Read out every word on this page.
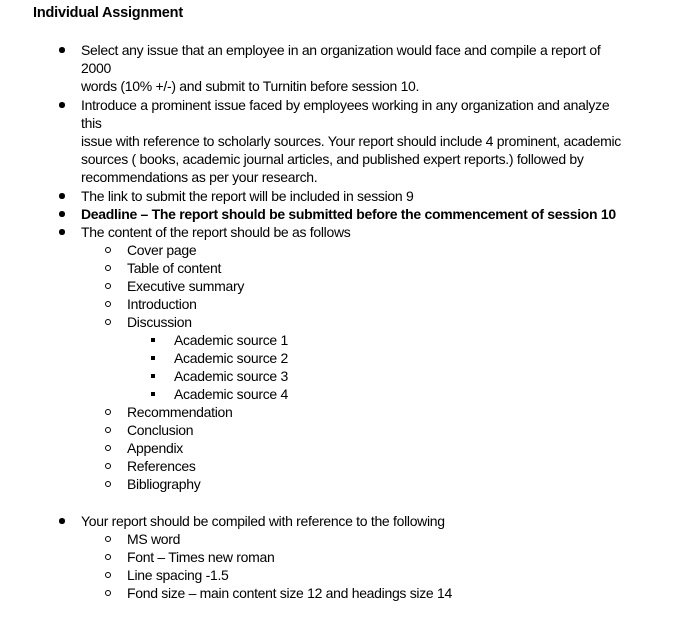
Individual Assignment
Select any issue that an employee in an organization would face and compile a report of 2000
words (10% +/-) and submit to Turnitin before session 10.
Introduce a prominent issue faced by employees working in any organization and analyze this
issue with reference to scholarly sources. Your report should include 4 prominent, academic
sources ( books, academic journal articles, and published expert reports.) followed by
recommendations as per your research.
The link to submit the report will be included in session 9
Deadline – The report should be submitted before the commencement of session 10
The content of the report should be as follows
Cover page
Table of content
Executive summary
Introduction
Discussion
Academic source 1
Academic source 2
Academic source 3
Academic source 4
Recommendation
Conclusion
Appendix
References
Bibliography
Your report should be compiled with reference to the following
MS word
Font – Times new roman
Line spacing -1.5
Fond size – main content size 12 and headings size 14
